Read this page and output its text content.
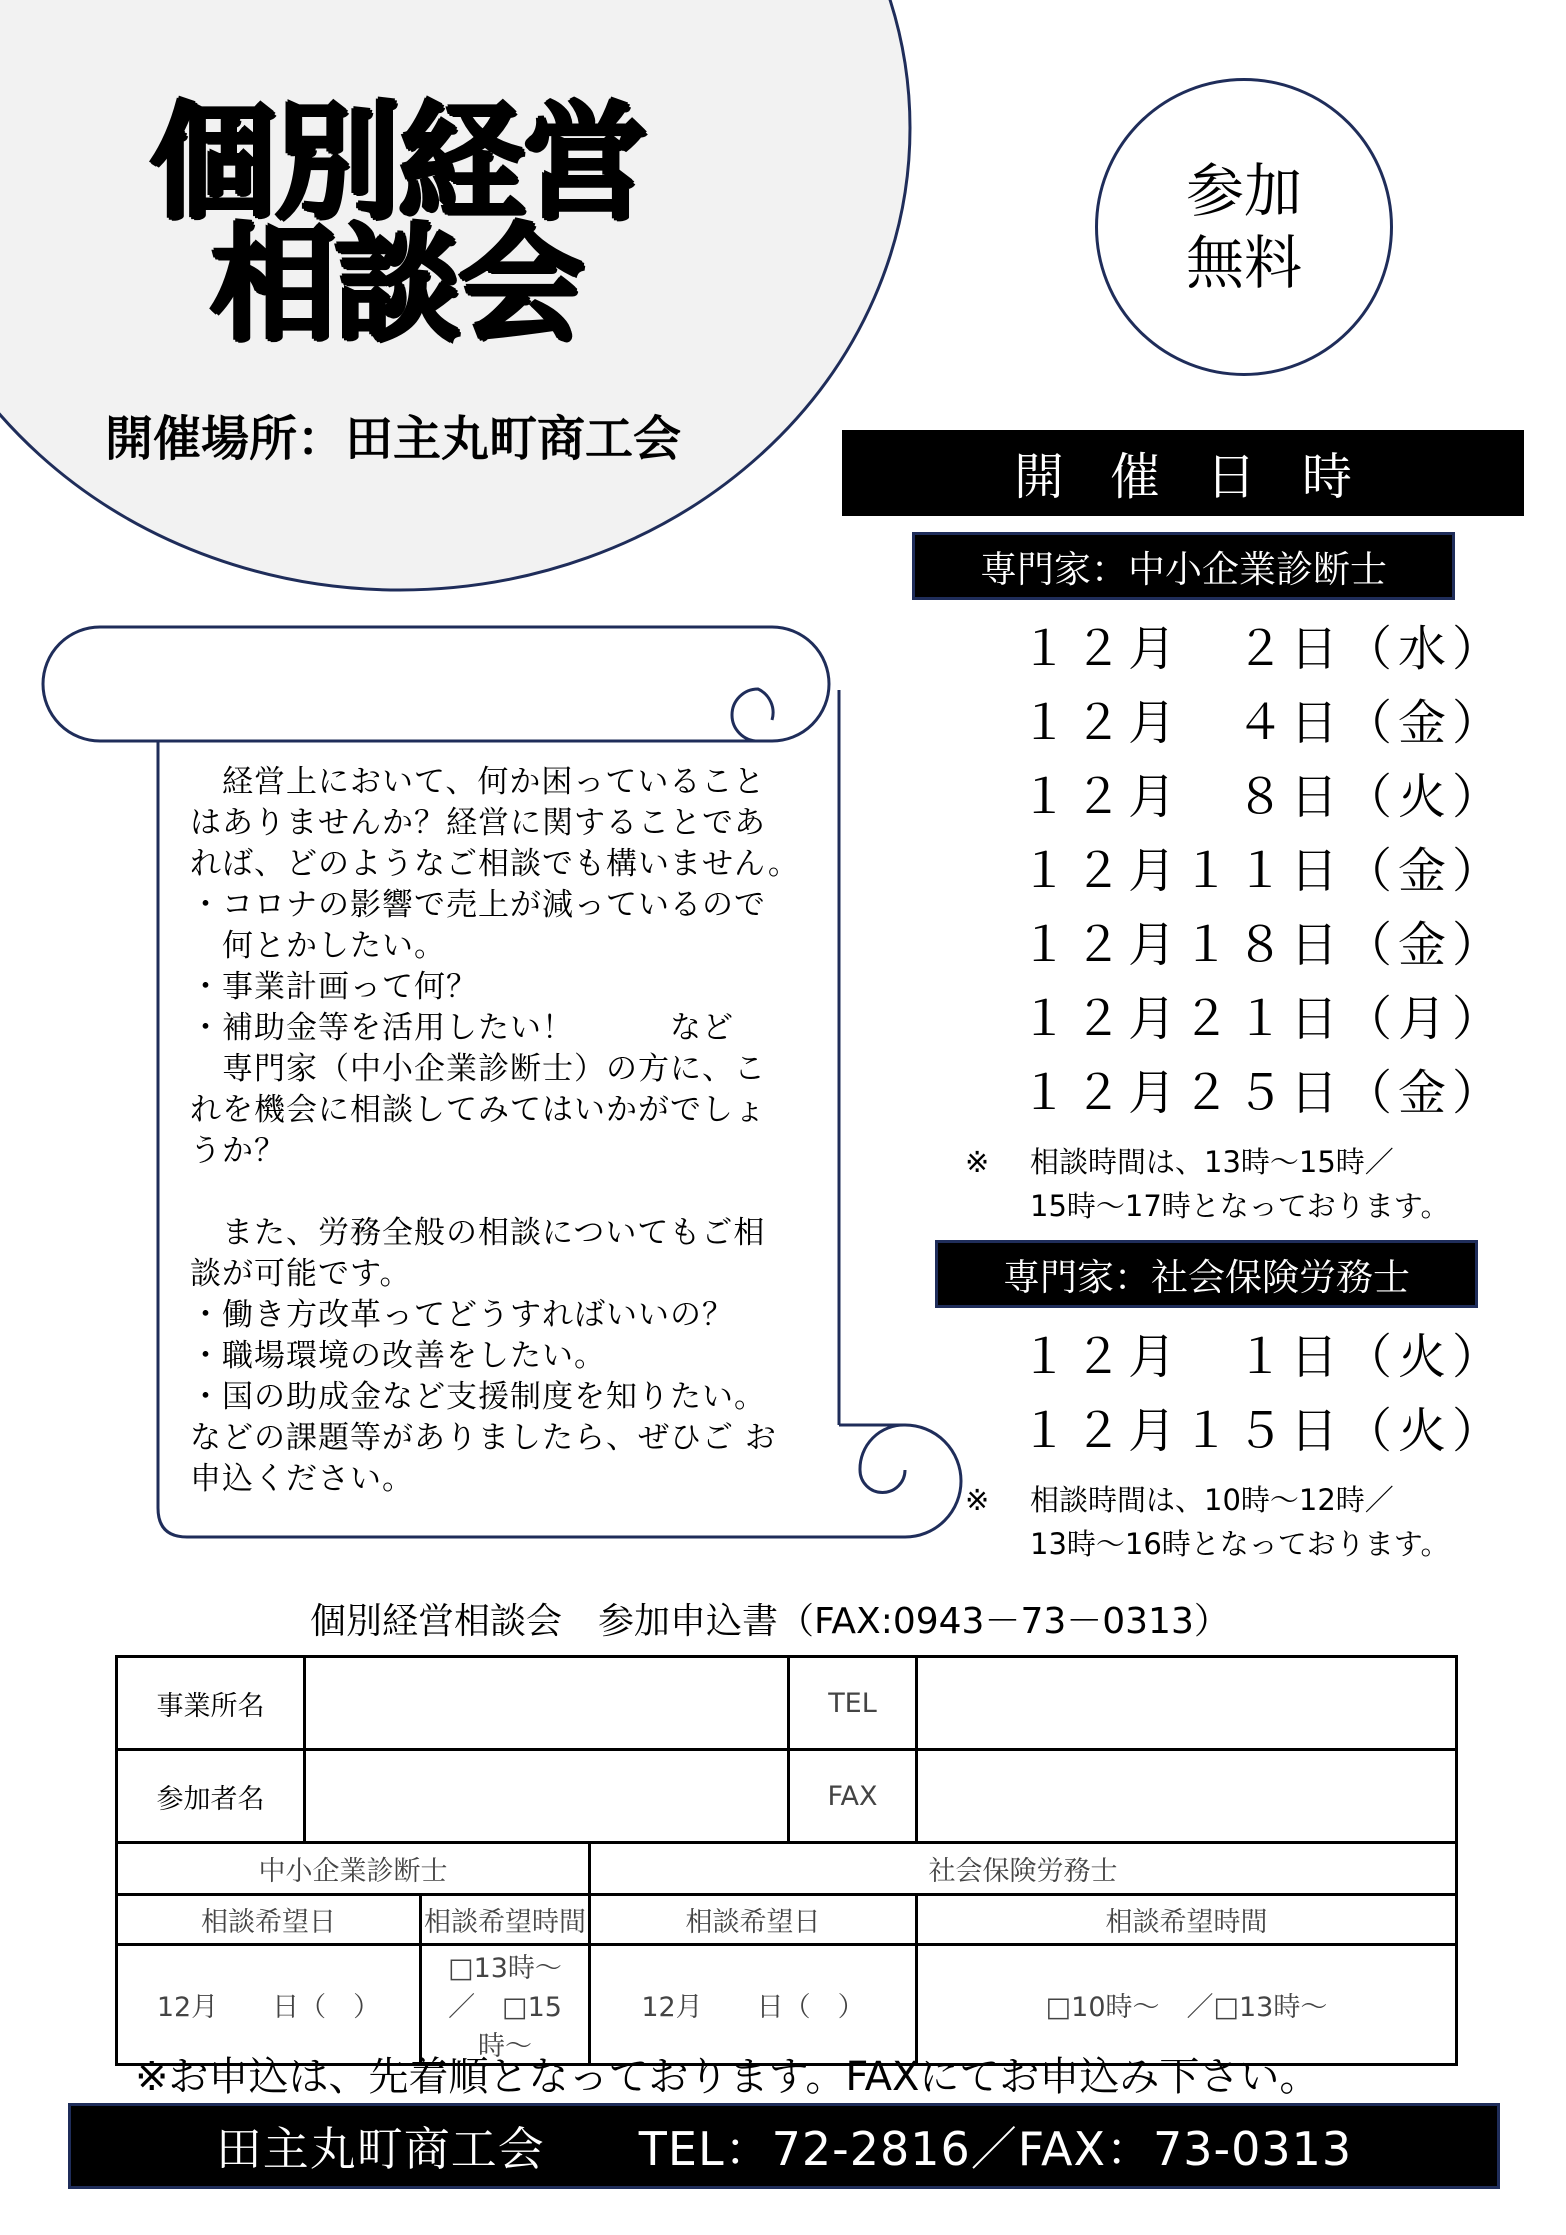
個別経営
相談会
開催場所：田主丸町商工会
参加
無料
開催日時
専門家：中小企業診断士
１２月　２日（水）
１２月　４日（金）
１２月　８日（火）
１２月１１日（金）
１２月１８日（金）
１２月２１日（月）
１２月２５日（金）
※ 相談時間は、13時〜15時／
15時〜17時となっております。
専門家：社会保険労務士
１２月　１日（火）
１２月１５日（火）
※ 相談時間は、10時〜12時／
13時〜16時となっております。

　経営上において、何か困っていること

はありませんか？経営に関することであ

れば、どのようなご相談でも構いません。

・コロナの影響で売上が減っているので

　何とかしたい。

・事業計画って何？

・補助金等を活用したい！　　　など

　専門家（中小企業診断士）の方に、こ

れを機会に相談してみてはいかがでしょ

うか？

　また、労務全般の相談についてもご相

談が可能です。

・働き方改革ってどうすればいいの？

・職場環境の改善をしたい。

・国の助成金など支援制度を知りたい。

などの課題等がありましたら、ぜひご お

申込ください。

個別経営相談会　参加申込書（FAX:0943－73－0313）
事業所名				TEL	
参加者名				FAX	
中小企業診断士			社会保険労務士		
相談希望日		相談希望時間	相談希望日		相談希望時間
12月　　日（　）		□13時〜　／　□15時〜	12月　　日（　）		□10時〜　／□13時〜
※お申込は、先着順となっております。FAXにてお申込み下さい。
田主丸町商工会
　　 TEL：72-2816／FAX：73-0313
